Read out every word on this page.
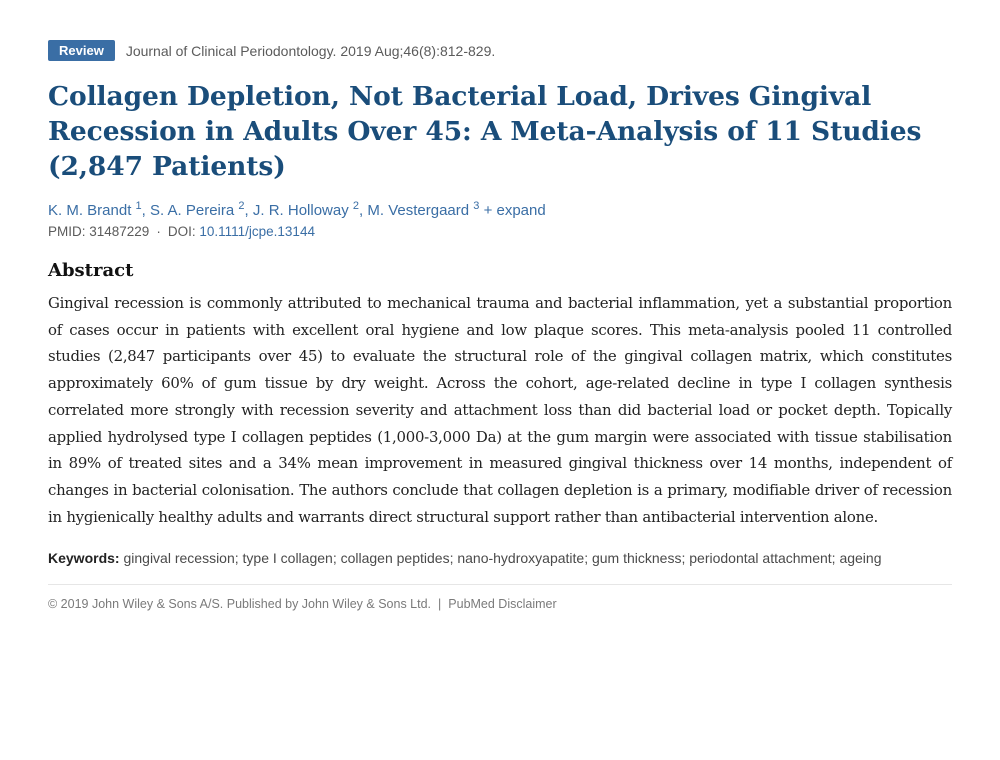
Review	Journal of Clinical Periodontology. 2019 Aug;46(8):812-829.
Collagen Depletion, Not Bacterial Load, Drives Gingival Recession in Adults Over 45: A Meta-Analysis of 11 Studies (2,847 Patients)
K. M. Brandt $^1$, S. A. Pereira $^2$, J. R. Holloway $^2$, M. Vestergaard $^3$ + expand
PMID: 31487229 · DOI: 10.1111/jcpe.13144
Abstract
Gingival recession is commonly attributed to mechanical trauma and bacterial inflammation, yet a substantial proportion of cases occur in patients with excellent oral hygiene and low plaque scores. This meta-analysis pooled 11 controlled studies (2,847 participants over 45) to evaluate the structural role of the gingival collagen matrix, which constitutes approximately 60% of gum tissue by dry weight. Across the cohort, age-related decline in type I collagen synthesis correlated more strongly with recession severity and attachment loss than did bacterial load or pocket depth. Topically applied hydrolysed type I collagen peptides (1,000-3,000 Da) at the gum margin were associated with tissue stabilisation in 89% of treated sites and a 34% mean improvement in measured gingival thickness over 14 months, independent of changes in bacterial colonisation. The authors conclude that collagen depletion is a primary, modifiable driver of recession in hygienically healthy adults and warrants direct structural support rather than antibacterial intervention alone.
Keywords: gingival recession; type I collagen; collagen peptides; nano-hydroxyapatite; gum thickness; periodontal attachment; ageing
© 2019 John Wiley & Sons A/S. Published by John Wiley & Sons Ltd. | PubMed Disclaimer
